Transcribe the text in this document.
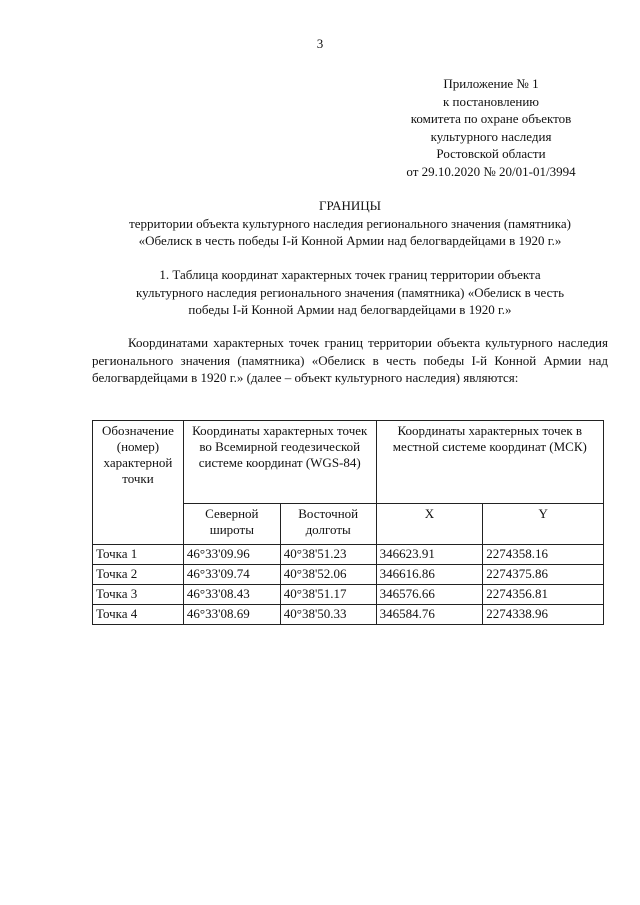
3
Приложение № 1
к постановлению
комитета по охране объектов
культурного наследия
Ростовской области
от 29.10.2020 № 20/01-01/3994
ГРАНИЦЫ
территории объекта культурного наследия регионального значения (памятника)
«Обелиск в честь победы I-й Конной Армии над белогвардейцами в 1920 г.»
1. Таблица координат характерных точек границ территории объекта
культурного наследия регионального значения (памятника) «Обелиск в честь
победы I-й Конной Армии над белогвардейцами в 1920 г.»

Координатами характерных точек границ территории объекта культурного наследия регионального значения (памятника) «Обелиск в честь победы I-й Конной Армии над белогвардейцами в 1920 г.» (далее – объект культурного наследия) являются:

Обозначение (номер) характерной точки	Координаты характерных точек во Всемирной геодезической системе координат (WGS-84)		Координаты характерных точек в местной системе координат (МСК)	
	Северной широты	Восточной долготы	X	Y
Точка 1	46°33'09.96	40°38'51.23	346623.91	2274358.16
Точка 2	46°33'09.74	40°38'52.06	346616.86	2274375.86
Точка 3	46°33'08.43	40°38'51.17	346576.66	2274356.81
Точка 4	46°33'08.69	40°38'50.33	346584.76	2274338.96
